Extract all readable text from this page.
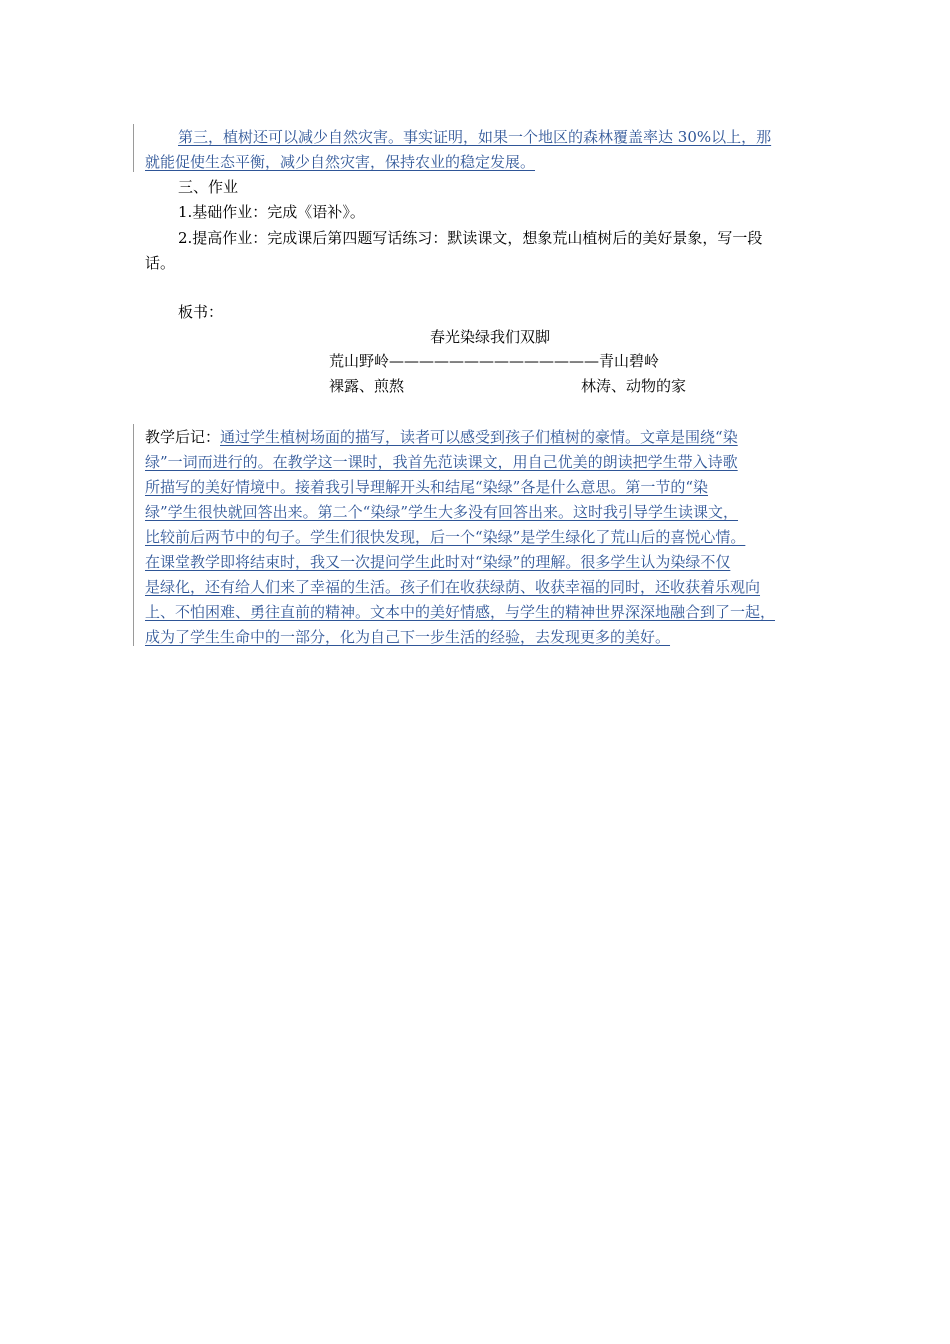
第三，植树还可以减少自然灾害。事实证明，如果一个地区的森林覆盖率达 30%以上，那
就能促使生态平衡，减少自然灾害，保持农业的稳定发展。
三、作业
1.基础作业：完成《语补》。
2.提高作业：完成课后第四题写话练习：默读课文，想象荒山植树后的美好景象，写一段
话。
板书：
春光染绿我们双脚
荒山野岭——————————————青山碧岭
裸露、煎熬	林涛、动物的家
教学后记：通过学生植树场面的描写，读者可以感受到孩子们植树的豪情。文章是围绕“染
绿”一词而进行的。在教学这一课时，我首先范读课文，用自己优美的朗读把学生带入诗歌
所描写的美好情境中。接着我引导理解开头和结尾“染绿”各是什么意思。第一节的“染
绿”学生很快就回答出来。第二个“染绿”学生大多没有回答出来。这时我引导学生读课文，
比较前后两节中的句子。学生们很快发现，后一个“染绿”是学生绿化了荒山后的喜悦心情。
在课堂教学即将结束时，我又一次提问学生此时对“染绿”的理解。很多学生认为染绿不仅
是绿化，还有给人们来了幸福的生活。孩子们在收获绿荫、收获幸福的同时，还收获着乐观向
上、不怕困难、勇往直前的精神。文本中的美好情感，与学生的精神世界深深地融合到了一起，
成为了学生生命中的一部分，化为自己下一步生活的经验，去发现更多的美好。
